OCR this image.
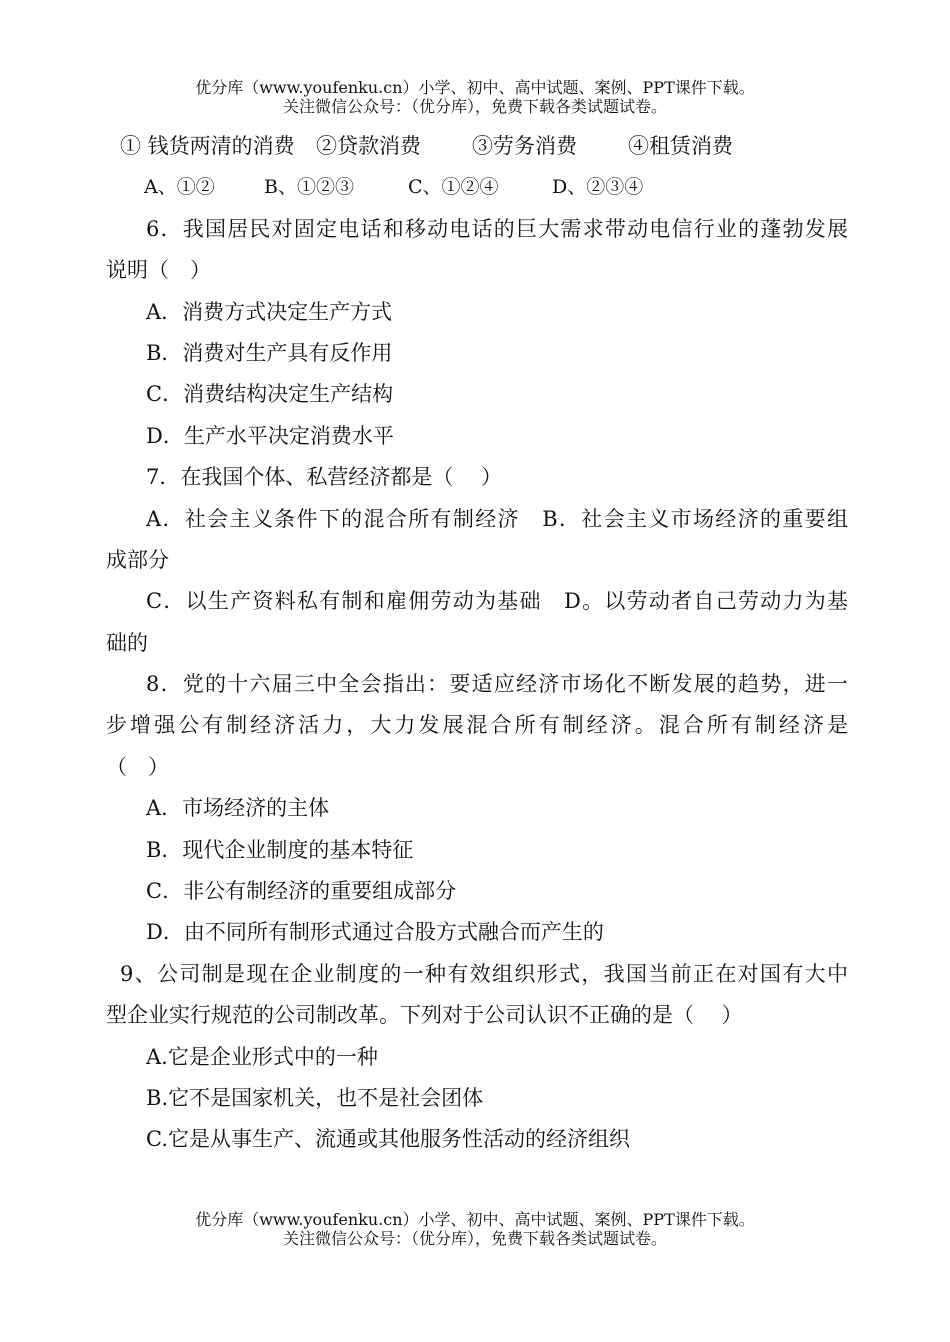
优分库（www.youfenku.cn）小学、初中、高中试题、案例、PPT课件下载。
关注微信公众号：（优分库），免费下载各类试题试卷。
① 钱货两清的消费 ②贷款消费 ③劳务消费 ④租赁消费
A、①②	B、①②③	C、①②④	D、②③④
6．我国居民对固定电话和移动电话的巨大需求带动电信行业的蓬勃发展
说明（　）
A．消费方式决定生产方式
B．消费对生产具有反作用
C．消费结构决定生产结构
D．生产水平决定消费水平
7．在我国个体、私营经济都是（　 ）
A．社会主义条件下的混合所有制经济　B．社会主义市场经济的重要组
成部分
C．以生产资料私有制和雇佣劳动为基础　D。以劳动者自己劳动力为基
础的
8．党的十六届三中全会指出：要适应经济市场化不断发展的趋势，进一
步增强公有制经济活力，大力发展混合所有制经济。混合所有制经济是
（　）
A．市场经济的主体
B．现代企业制度的基本特征
C．非公有制经济的重要组成部分
D．由不同所有制形式通过合股方式融合而产生的
9、公司制是现在企业制度的一种有效组织形式，我国当前正在对国有大中
型企业实行规范的公司制改革。下列对于公司认识不正确的是（　 ）
A.它是企业形式中的一种
B.它不是国家机关，也不是社会团体
C.它是从事生产、流通或其他服务性活动的经济组织
优分库（www.youfenku.cn）小学、初中、高中试题、案例、PPT课件下载。
关注微信公众号：（优分库），免费下载各类试题试卷。
